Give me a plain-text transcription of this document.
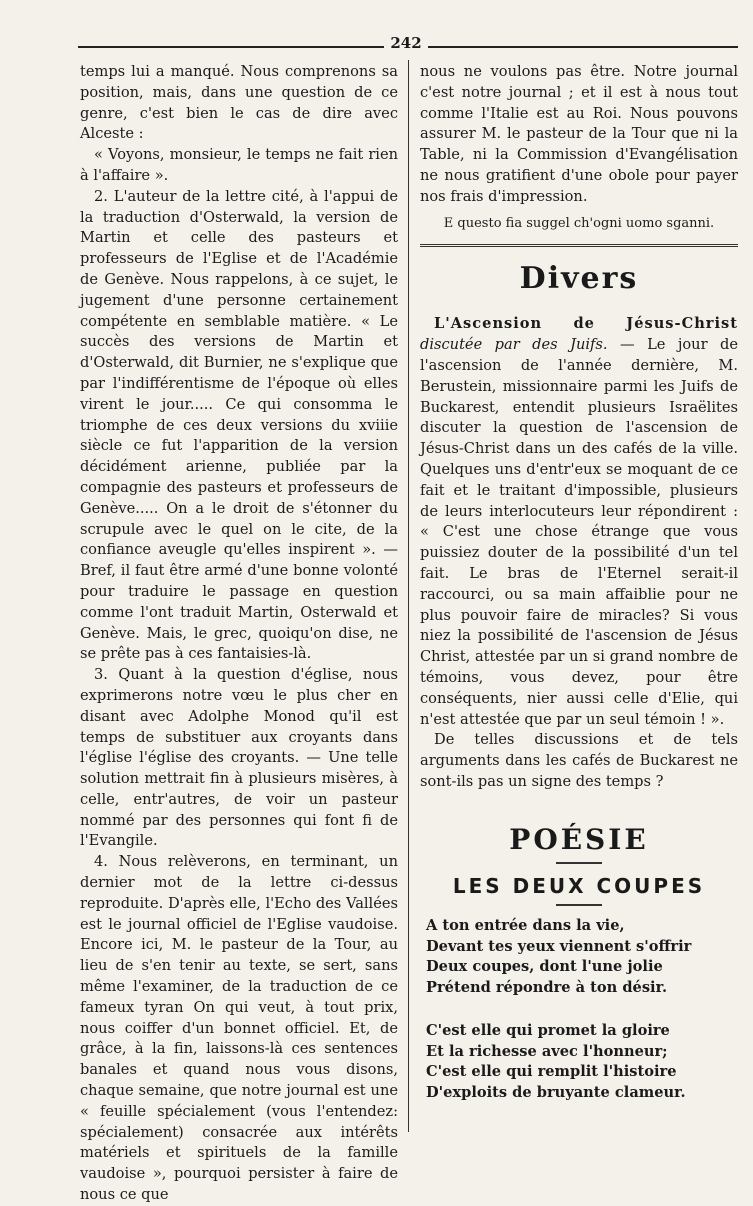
242

temps lui a manqué. Nous comprenons sa position, mais, dans une question de ce genre, c'est bien le cas de dire avec Alceste :

« Voyons, monsieur, le temps ne fait rien à l'affaire ».

2. L'auteur de la lettre cité, à l'appui de la traduction d'Osterwald, la version de Martin et celle des pasteurs et professeurs de l'Eglise et de l'Académie de Genève. Nous rappelons, à ce sujet, le jugement d'une personne certainement compétente en semblable matière. « Le succès des versions de Martin et d'Osterwald, dit Burnier, ne s'explique que par l'indifférentisme de l'époque où elles virent le jour..... Ce qui consomma le triomphe de ces deux versions du xviiie siècle ce fut l'apparition de la version décidément arienne, publiée par la compagnie des pasteurs et professeurs de Genève..... On a le droit de s'étonner du scrupule avec le quel on le cite, de la confiance aveugle qu'elles inspirent ». — Bref, il faut être armé d'une bonne volonté pour traduire le passage en question comme l'ont traduit Martin, Osterwald et Genève. Mais, le grec, quoiqu'on dise, ne se prête pas à ces fantaisies-là.

3. Quant à la question d'église, nous exprimerons notre vœu le plus cher en disant avec Adolphe Monod qu'il est temps de substituer aux croyants dans l'église l'église des croyants. — Une telle solution mettrait fin à plusieurs misères, à celle, entr'autres, de voir un pasteur nommé par des personnes qui font fi de l'Evangile.

4. Nous relèverons, en terminant, un dernier mot de la lettre ci-dessus reproduite. D'après elle, l'Echo des Vallées est le journal officiel de l'Eglise vaudoise. Encore ici, M. le pasteur de la Tour, au lieu de s'en tenir au texte, se sert, sans même l'examiner, de la traduction de ce fameux tyran On qui veut, à tout prix, nous coiffer d'un bonnet officiel. Et, de grâce, à la fin, laissons-là ces sentences banales et quand nous vous disons, chaque semaine, que notre journal est une « feuille spécialement (vous l'entendez: spécialement) consacrée aux intérêts matériels et spirituels de la famille vaudoise », pourquoi persister à faire de nous ce que

nous ne voulons pas être. Notre journal c'est notre journal ; et il est à nous tout comme l'Italie est au Roi. Nous pouvons assurer M. le pasteur de la Tour que ni la Table, ni la Commission d'Evangélisation ne nous gratifient d'une obole pour payer nos frais d'impression.

E questo fia suggel ch'ogni uomo sganni.

Divers

L'Ascension de Jésus-Christ discutée par des Juifs. — Le jour de l'ascension de l'année dernière, M. Berustein, missionnaire parmi les Juifs de Buckarest, entendit plusieurs Israëlites discuter la question de l'ascension de Jésus-Christ dans un des cafés de la ville. Quelques uns d'entr'eux se moquant de ce fait et le traitant d'impossible, plusieurs de leurs interlocuteurs leur répondirent : « C'est une chose étrange que vous puissiez douter de la possibilité d'un tel fait. Le bras de l'Eternel serait-il raccourci, ou sa main affaiblie pour ne plus pouvoir faire de miracles? Si vous niez la possibilité de l'ascension de Jésus Christ, attestée par un si grand nombre de témoins, vous devez, pour être conséquents, nier aussi celle d'Elie, qui n'est attestée que par un seul témoin ! ».

De telles discussions et de tels arguments dans les cafés de Buckarest ne sont-ils pas un signe des temps ?

POÉSIE
LES DEUX COUPES
A ton entrée dans la vie,
Devant tes yeux viennent s'offrir
Deux coupes, dont l'une jolie
Prétend répondre à ton désir.
C'est elle qui promet la gloire
Et la richesse avec l'honneur;
C'est elle qui remplit l'histoire
D'exploits de bruyante clameur.
